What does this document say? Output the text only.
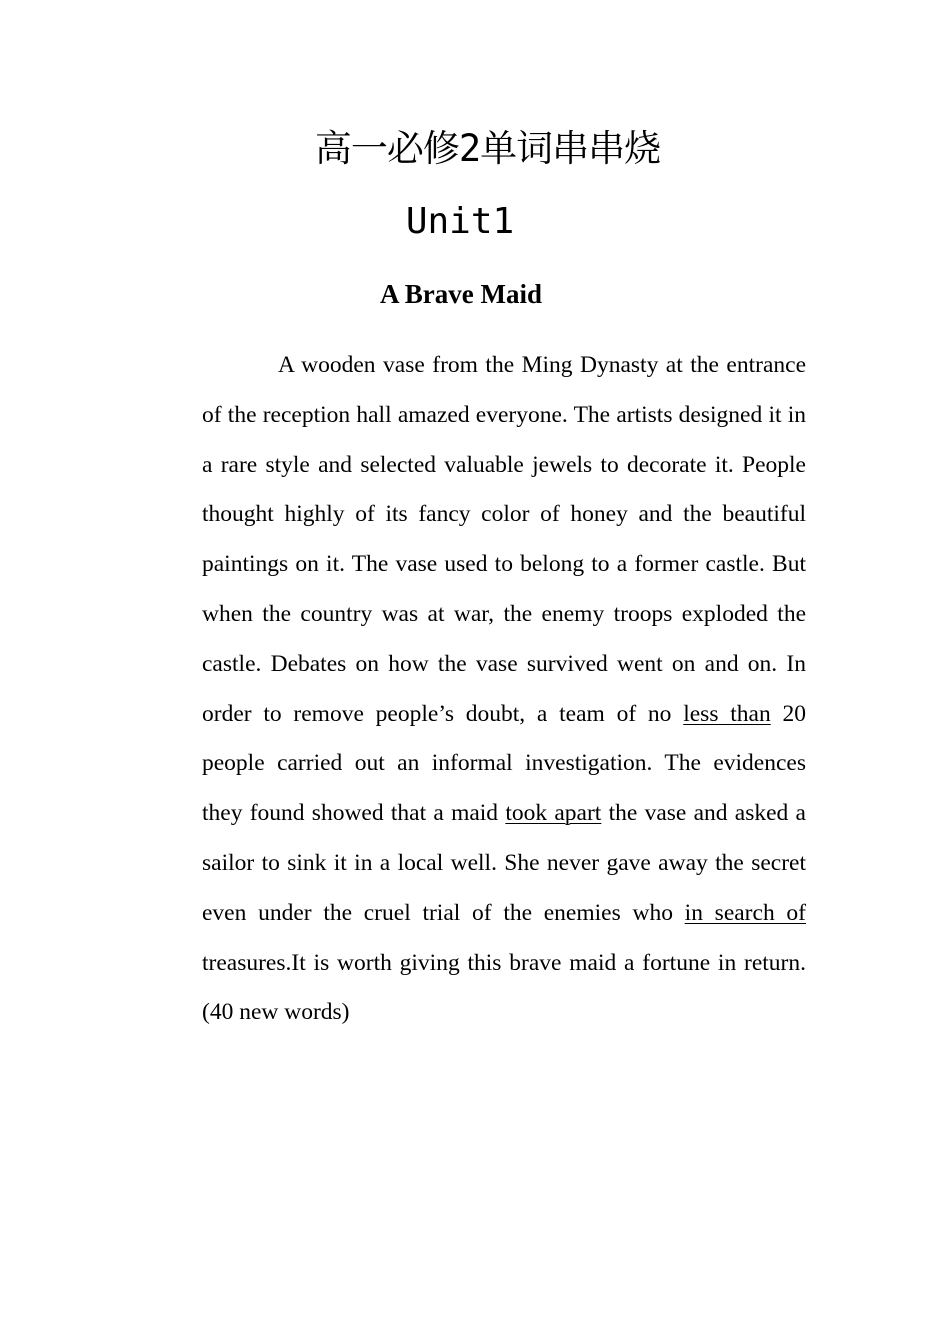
高一必修2单词串串烧
Unit1
A Brave Maid

A wooden vase from the Ming Dynasty at the entrance of the reception hall amazed everyone. The artists designed it in a rare style and selected valuable jewels to decorate it. People thought highly of its fancy color of honey and the beautiful paintings on it. The vase used to belong to a former castle. But when the country was at war, the enemy troops exploded the castle. Debates on how the vase survived went on and on. In order to remove people’s doubt, a team of no less than 20 people carried out an informal investigation. The evidences they found showed that a maid took apart the vase and asked a sailor to sink it in a local well. She never gave away the secret even under the cruel trial of the enemies who in search of treasures.It is worth giving this brave maid a fortune in return. (40 new words)
